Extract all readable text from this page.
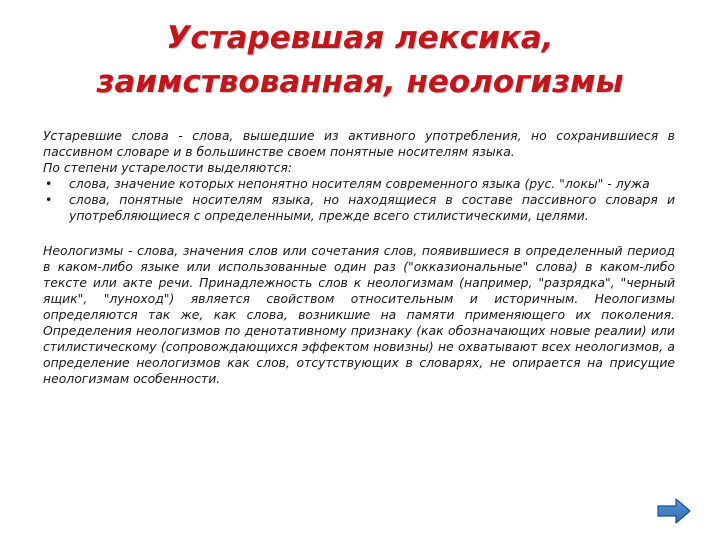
Устаревшая лексика,
заимствованная, неологизмы

Устаревшие слова - слова, вышедшие из активного употребления, но сохранившиеся в пассивном словаре и в большинстве своем понятные носителям языка.

По степени устарелости выделяются:

• слова, значение которых непонятно носителям современного языка (рус. "локы" - лужа
• слова, понятные носителям языка, но находящиеся в составе пассивного словаря и употребляющиеся с определенными, прежде всего стилистическими, целями.

Неологизмы - слова, значения слов или сочетания слов, появившиеся в определенный период в каком-либо языке или использованные один раз ("окказиональные" слова) в каком-либо тексте или акте речи. Принадлежность слов к неологизмам (например, "разрядка", "черный ящик", "луноход") является свойством относительным и историчным. Неологизмы определяются так же, как слова, возникшие на памяти применяющего их поколения. Определения неологизмов по денотативному признаку (как обозначающих новые реалии) или стилистическому (сопровождающихся эффектом новизны) не охватывают всех неологизмов, а определение неологизмов как слов, отсутствующих в словарях, не опирается на присущие неологизмам особенности.
